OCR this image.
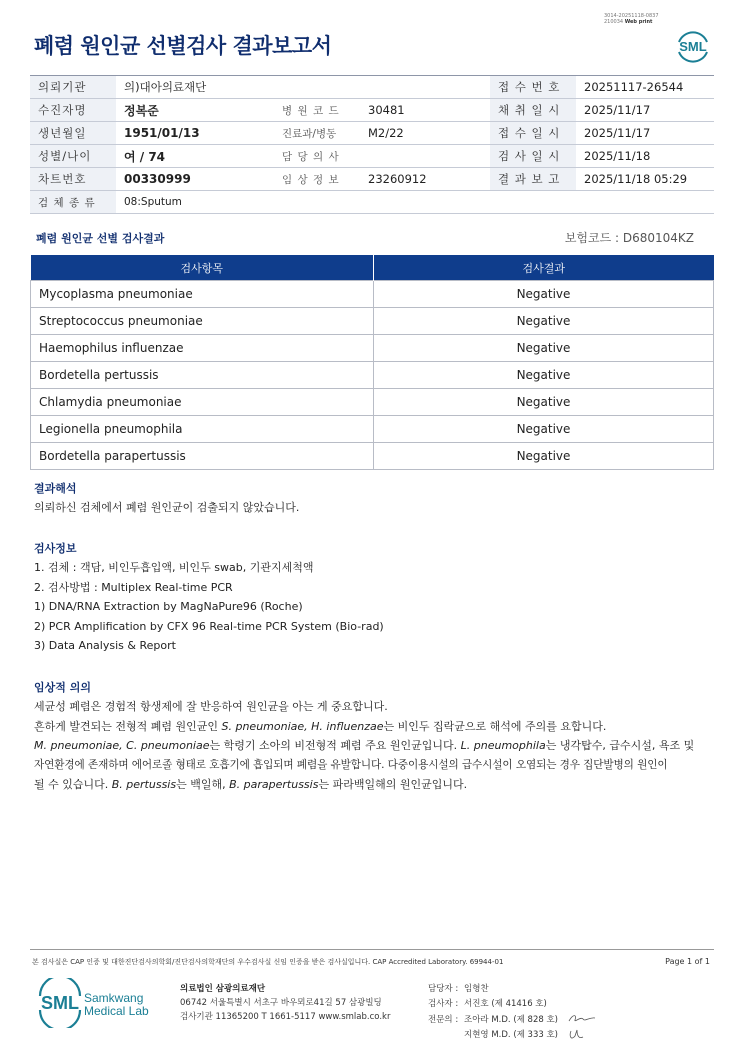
폐렴 원인균 선별검사 결과보고서
3014-20251118-0837
210034 Web print
SML
의뢰기관	의)대아의료재단			접 수 번 호	20251117-26544
수진자명	정복준	병 원 코 드	30481	채 취 일 시	2025/11/17
생년월일	1951/01/13	진료과/병동	M2/22	접 수 일 시	2025/11/17
성별/나이	여 / 74	담 당 의 사		검 사 일 시	2025/11/18
차트번호	00330999	임 상 정 보	23260912	결 과 보 고	2025/11/18 05:29
검 체 종 류	08:Sputum				
폐렴 원인균 선별 검사결과	보험코드 : D680104KZ
검사항목	검사결과
Mycoplasma pneumoniae	Negative
Streptococcus pneumoniae	Negative
Haemophilus influenzae	Negative
Bordetella pertussis	Negative
Chlamydia pneumoniae	Negative
Legionella pneumophila	Negative
Bordetella parapertussis	Negative
결과해석
의뢰하신 검체에서 폐렴 원인균이 검출되지 않았습니다.
검사정보
1. 검체 : 객담, 비인두흡입액, 비인두 swab, 기관지세척액
2. 검사방법 : Multiplex Real-time PCR
1) DNA/RNA Extraction by MagNaPure96 (Roche)
2) PCR Amplification by CFX 96 Real-time PCR System (Bio-rad)
3) Data Analysis & Report
임상적 의의
세균성 폐렴은 경험적 항생제에 잘 반응하여 원인균을 아는 게 중요합니다.
흔하게 발견되는 전형적 폐렴 원인균인 S. pneumoniae, H. influenzae는 비인두 집락균으로 해석에 주의를 요합니다.
M. pneumoniae, C. pneumoniae는 학령기 소아의 비전형적 폐렴 주요 원인균입니다. L. pneumophila는 냉각탑수, 급수시설, 욕조 및
자연환경에 존재하며 에어로졸 형태로 호흡기에 흡입되며 폐렴을 유발합니다. 다중이용시설의 급수시설이 오염되는 경우 집단발병의 원인이
될 수 있습니다. B. pertussis는 백일해, B. parapertussis는 파라백일해의 원인균입니다.
본 검사실은 CAP 인증 및 대한진단검사의학회/진단검사의학재단의 우수검사실 신임 인증을 받은 검사실입니다. CAP Accredited Laboratory. 69944-01	Page 1 of 1
SML Samkwang
Medical Lab
의료법인 삼광의료재단
06742 서울특별시 서초구 바우뫼로41길 57 삼광빌딩
검사기관 11365200 T 1661-5117 www.smlab.co.kr
담당자 : 임형찬
검사자 : 서진호 (제 41416 호)
전문의 : 조아라 M.D. (제 828 호)
지현영 M.D. (제 333 호)
